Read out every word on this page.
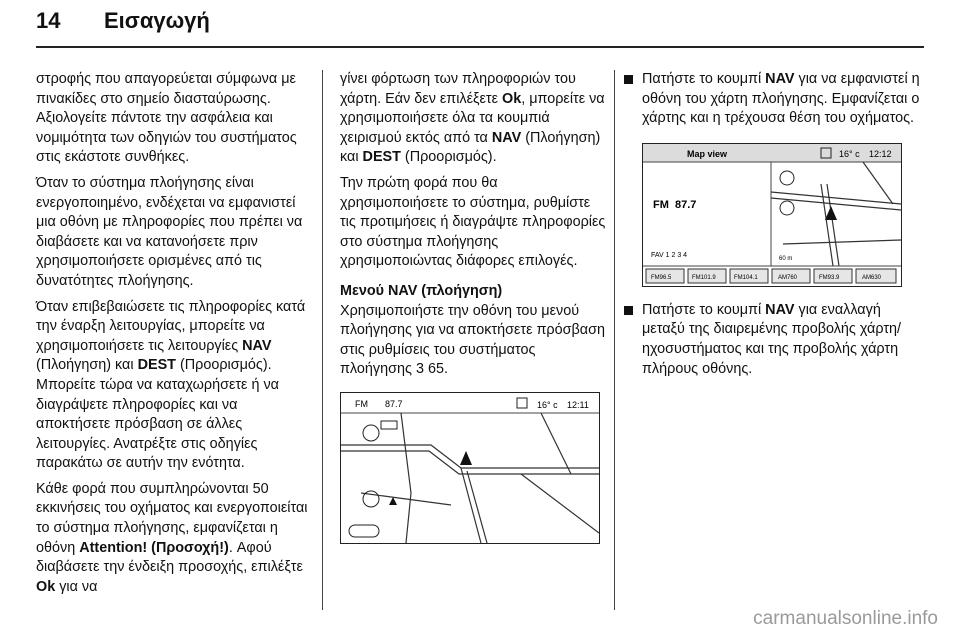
14 Εισαγωγή

στροφής που απαγορεύεται σύμφωνα με πινακίδες στο σημείο διασταύρωσης. Αξιολογείτε πάντοτε την ασφάλεια και νομιμότητα των οδηγιών του συστήματος στις εκάστοτε συνθήκες.

Όταν το σύστημα πλοήγησης είναι ενεργοποιημένο, ενδέχεται να εμφανιστεί μια οθόνη με πληροφορίες που πρέπει να διαβάσετε και να κατανοήσετε πριν χρησιμοποιήσετε ορισμένες από τις δυνατότητες πλοήγησης.

Όταν επιβεβαιώσετε τις πληροφορίες κατά την έναρξη λειτουργίας, μπορείτε να χρησιμοποιήσετε τις λειτουργίες NAV (Πλοήγηση) και DEST (Προορισμός). Μπορείτε τώρα να καταχωρήσετε ή να διαγράψετε πληροφορίες και να αποκτήσετε πρόσβαση σε άλλες λειτουργίες. Ανατρέξτε στις οδηγίες παρακάτω σε αυτήν την ενότητα.

Κάθε φορά που συμπληρώνονται 50 εκκινήσεις του οχήματος και ενεργοποιείται το σύστημα πλοήγησης, εμφανίζεται η οθόνη Attention! (Προσοχή!). Αφού διαβάσετε την ένδειξη προσοχής, επιλέξτε Ok για να

γίνει φόρτωση των πληροφοριών του χάρτη. Εάν δεν επιλέξετε Ok, μπορείτε να χρησιμοποιήσετε όλα τα κουμπιά χειρισμού εκτός από τα NAV (Πλοήγηση) και DEST (Προορισμός).

Την πρώτη φορά που θα χρησιμοποιήσετε το σύστημα, ρυθμίστε τις προτιμήσεις ή διαγράψτε πληροφορίες στο σύστημα πλοήγησης χρησιμοποιώντας διάφορες επιλογές.

Μενού NAV (πλοήγηση)

Χρησιμοποιήστε την οθόνη του μενού πλοήγησης για να αποκτήσετε πρόσβαση στις ρυθμίσεις του συστήματος πλοήγησης 3 65.

FM 87.7	16° c 12:11
Πατήστε το κουμπί NAV για να εμφανιστεί η οθόνη του χάρτη πλοήγησης. Εμφανίζεται ο χάρτης και η τρέχουσα θέση του οχήματος.
Map view	16° c 12:12
FM 87.7
60 m
FAV 1 2 3 4
FM96.5	FM101.9	FM104.1	AM760	FM93.9	AM630
Πατήστε το κουμπί NAV για εναλλαγή μεταξύ της διαιρεμένης προβολής χάρτη/ηχοσυστήματος και της προβολής χάρτη πλήρους οθόνης.
carmanualsonline.info
